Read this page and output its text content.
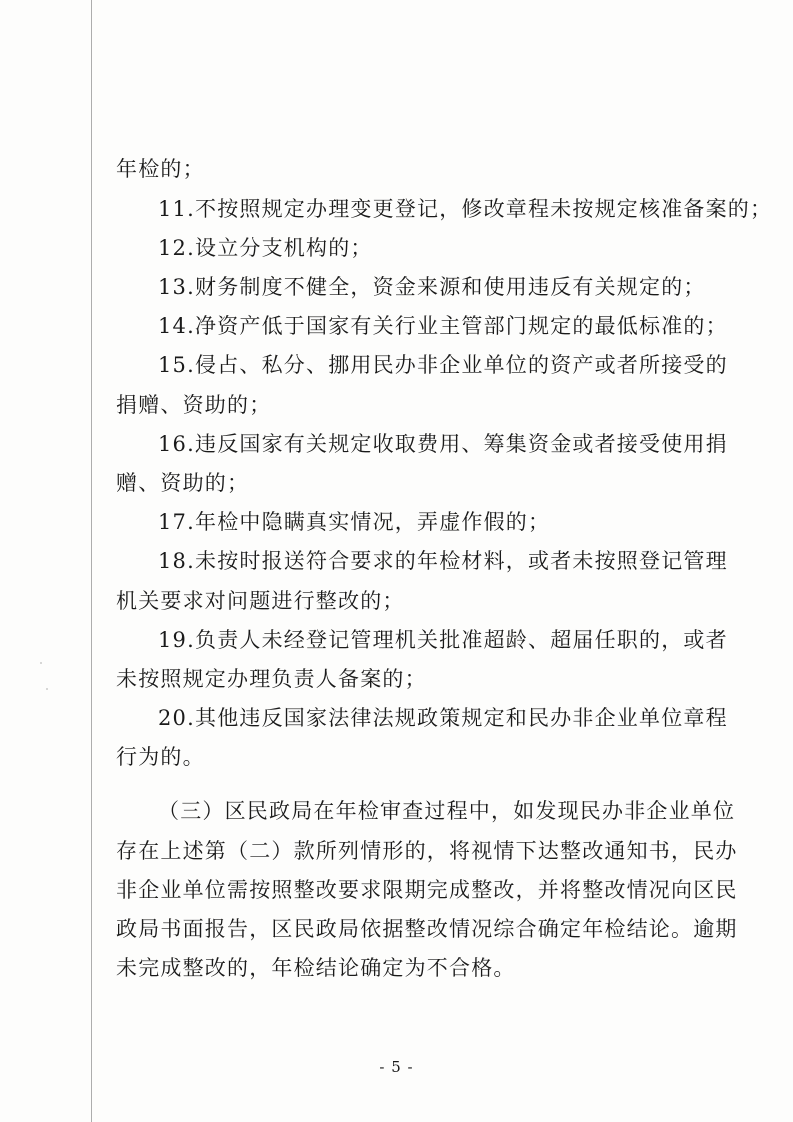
年检的；
11.不按照规定办理变更登记，修改章程未按规定核准备案的；
12.设立分支机构的；
13.财务制度不健全，资金来源和使用违反有关规定的；
14.净资产低于国家有关行业主管部门规定的最低标准的；
15.侵占、私分、挪用民办非企业单位的资产或者所接受的
捐赠、资助的；
16.违反国家有关规定收取费用、筹集资金或者接受使用捐
赠、资助的；
17.年检中隐瞒真实情况，弄虚作假的；
18.未按时报送符合要求的年检材料，或者未按照登记管理
机关要求对问题进行整改的；
19.负责人未经登记管理机关批准超龄、超届任职的，或者
未按照规定办理负责人备案的；
20.其他违反国家法律法规政策规定和民办非企业单位章程
行为的。
（三）区民政局在年检审查过程中，如发现民办非企业单位
存在上述第（二）款所列情形的，将视情下达整改通知书，民办
非企业单位需按照整改要求限期完成整改，并将整改情况向区民
政局书面报告，区民政局依据整改情况综合确定年检结论。逾期
未完成整改的，年检结论确定为不合格。
- 5 -
